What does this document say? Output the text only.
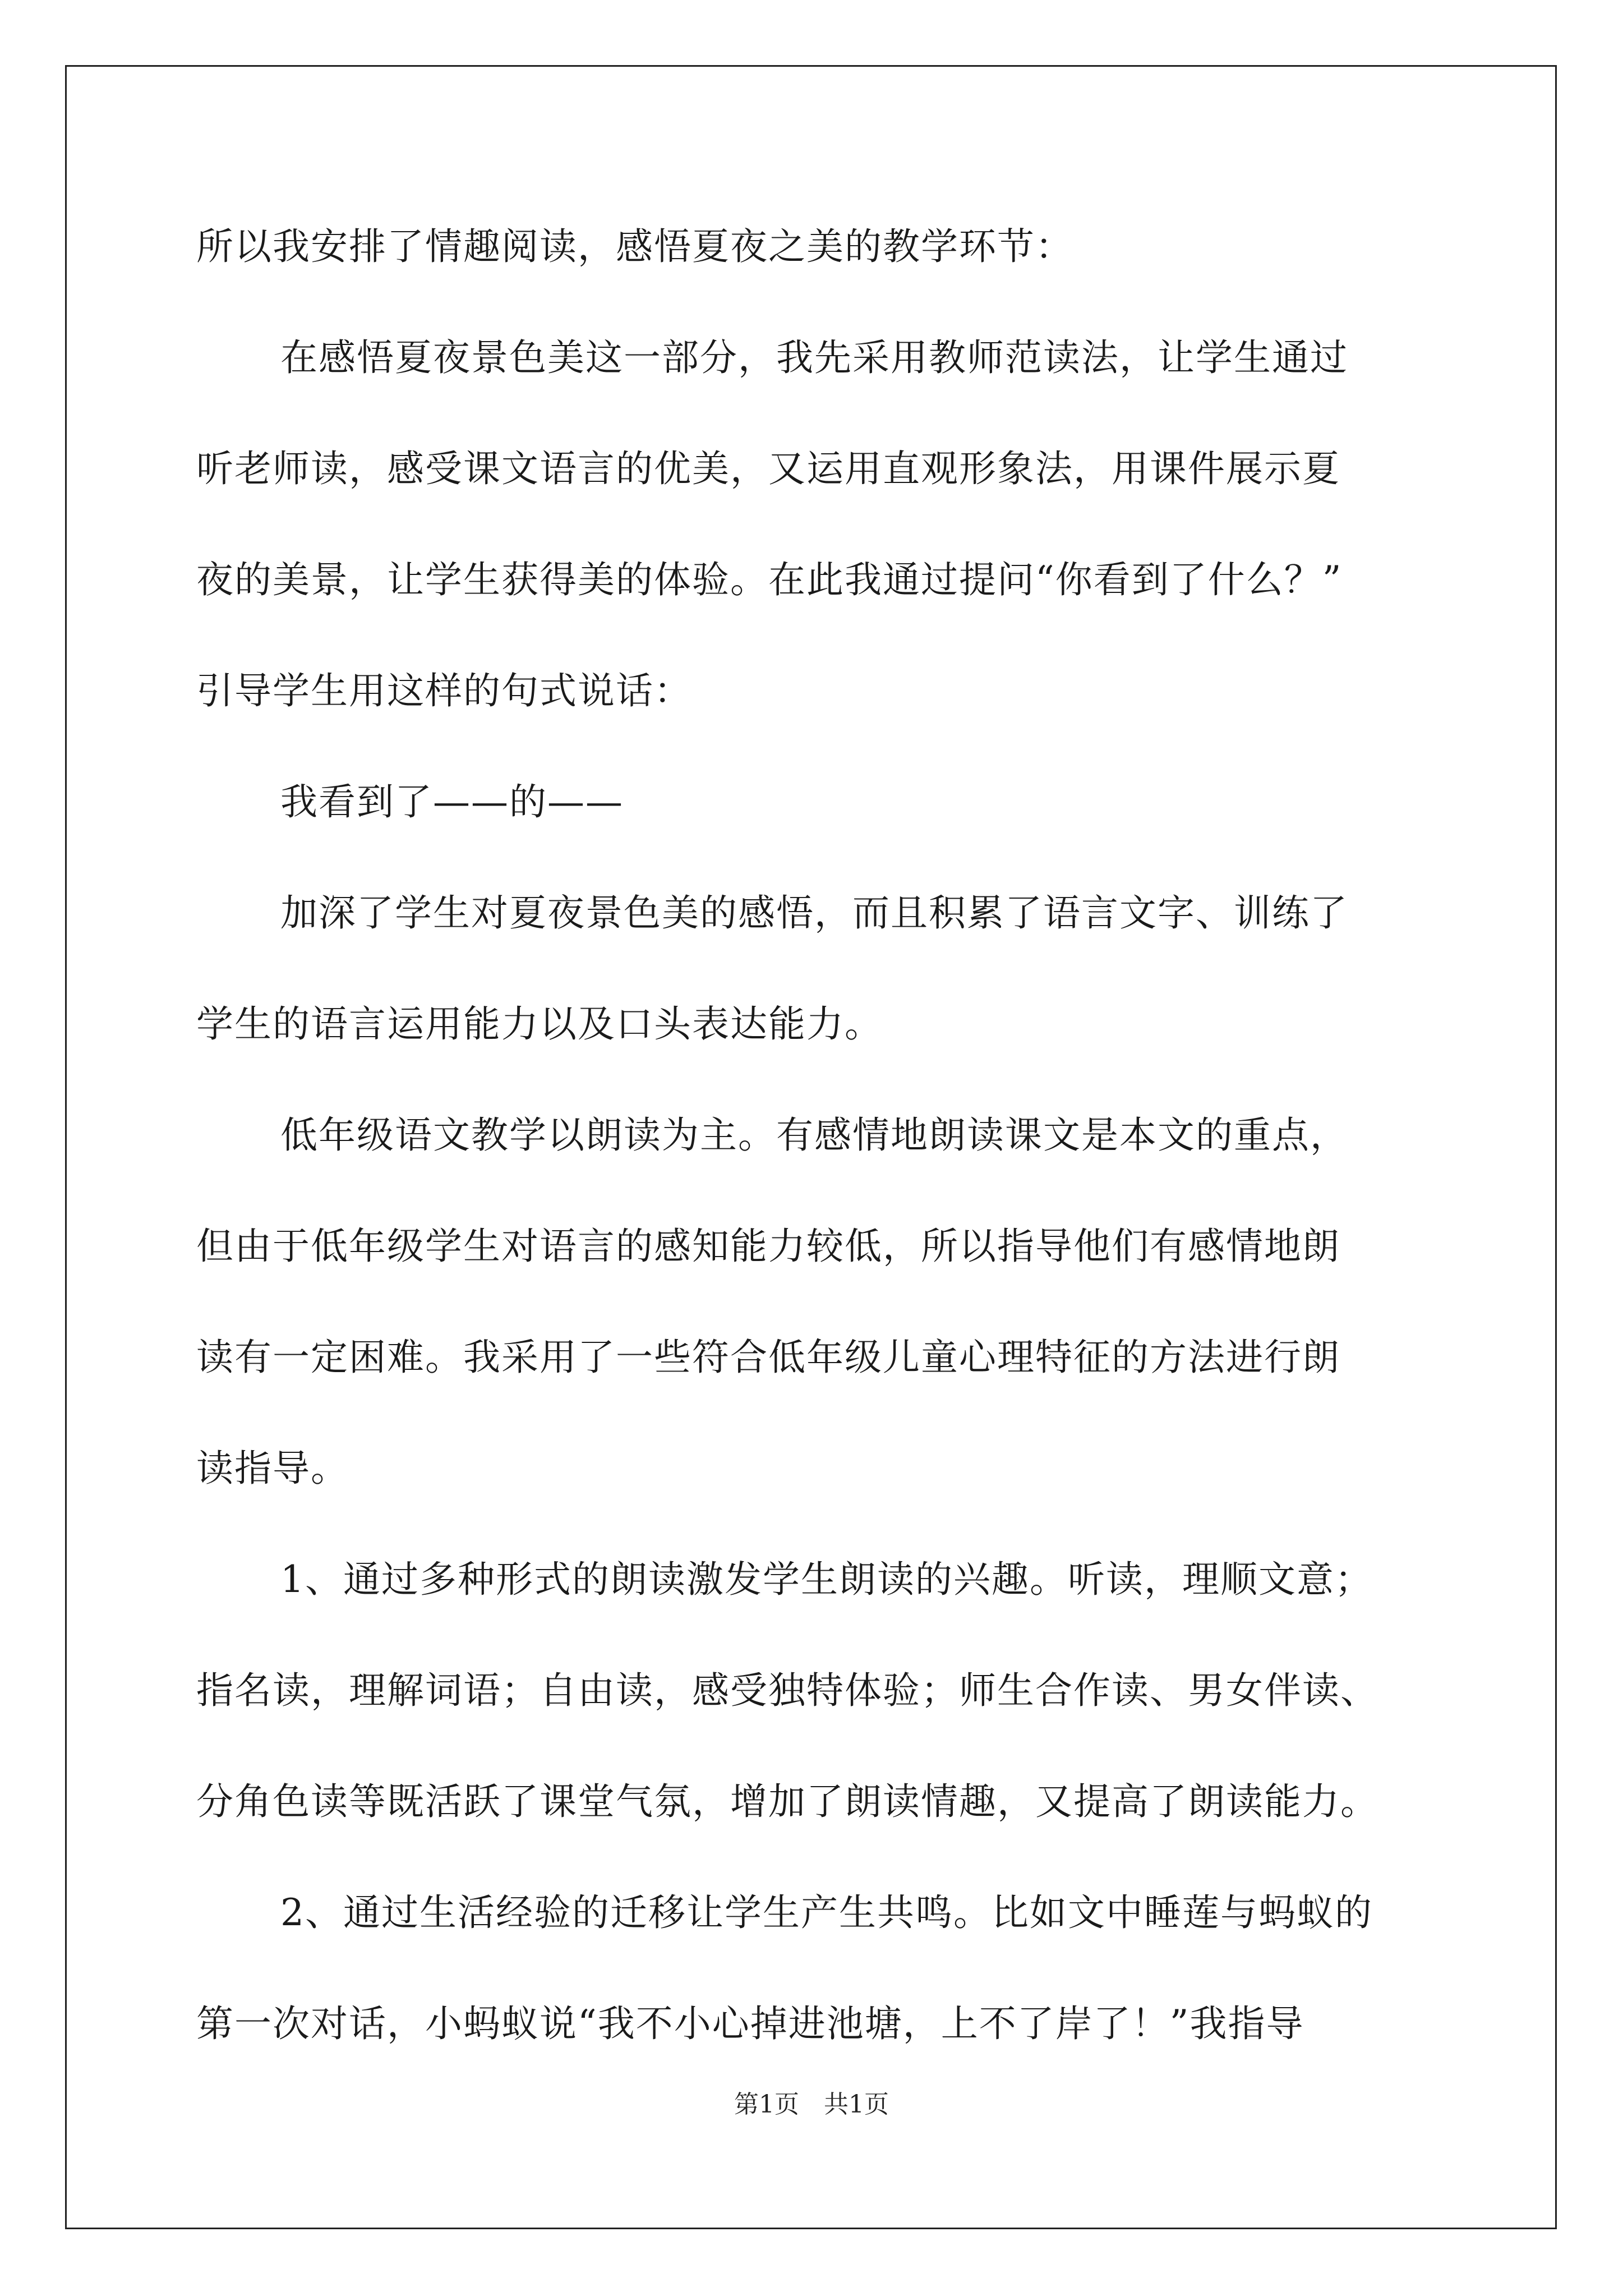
所以我安排了情趣阅读，感悟夏夜之美的教学环节：
在感悟夏夜景色美这一部分，我先采用教师范读法，让学生通过
听老师读，感受课文语言的优美，又运用直观形象法，用课件展示夏
夜的美景，让学生获得美的体验。在此我通过提问“你看到了什么？”
引导学生用这样的句式说话：
我看到了——的——
加深了学生对夏夜景色美的感悟，而且积累了语言文字、训练了
学生的语言运用能力以及口头表达能力。
低年级语文教学以朗读为主。有感情地朗读课文是本文的重点，
但由于低年级学生对语言的感知能力较低，所以指导他们有感情地朗
读有一定困难。我采用了一些符合低年级儿童心理特征的方法进行朗
读指导。
1、通过多种形式的朗读激发学生朗读的兴趣。听读，理顺文意；
指名读，理解词语；自由读，感受独特体验；师生合作读、男女伴读、
分角色读等既活跃了课堂气氛，增加了朗读情趣，又提高了朗读能力。
2、通过生活经验的迁移让学生产生共鸣。比如文中睡莲与蚂蚁的
第一次对话，小蚂蚁说“我不小心掉进池塘，上不了岸了！”我指导
第1页　共1页
